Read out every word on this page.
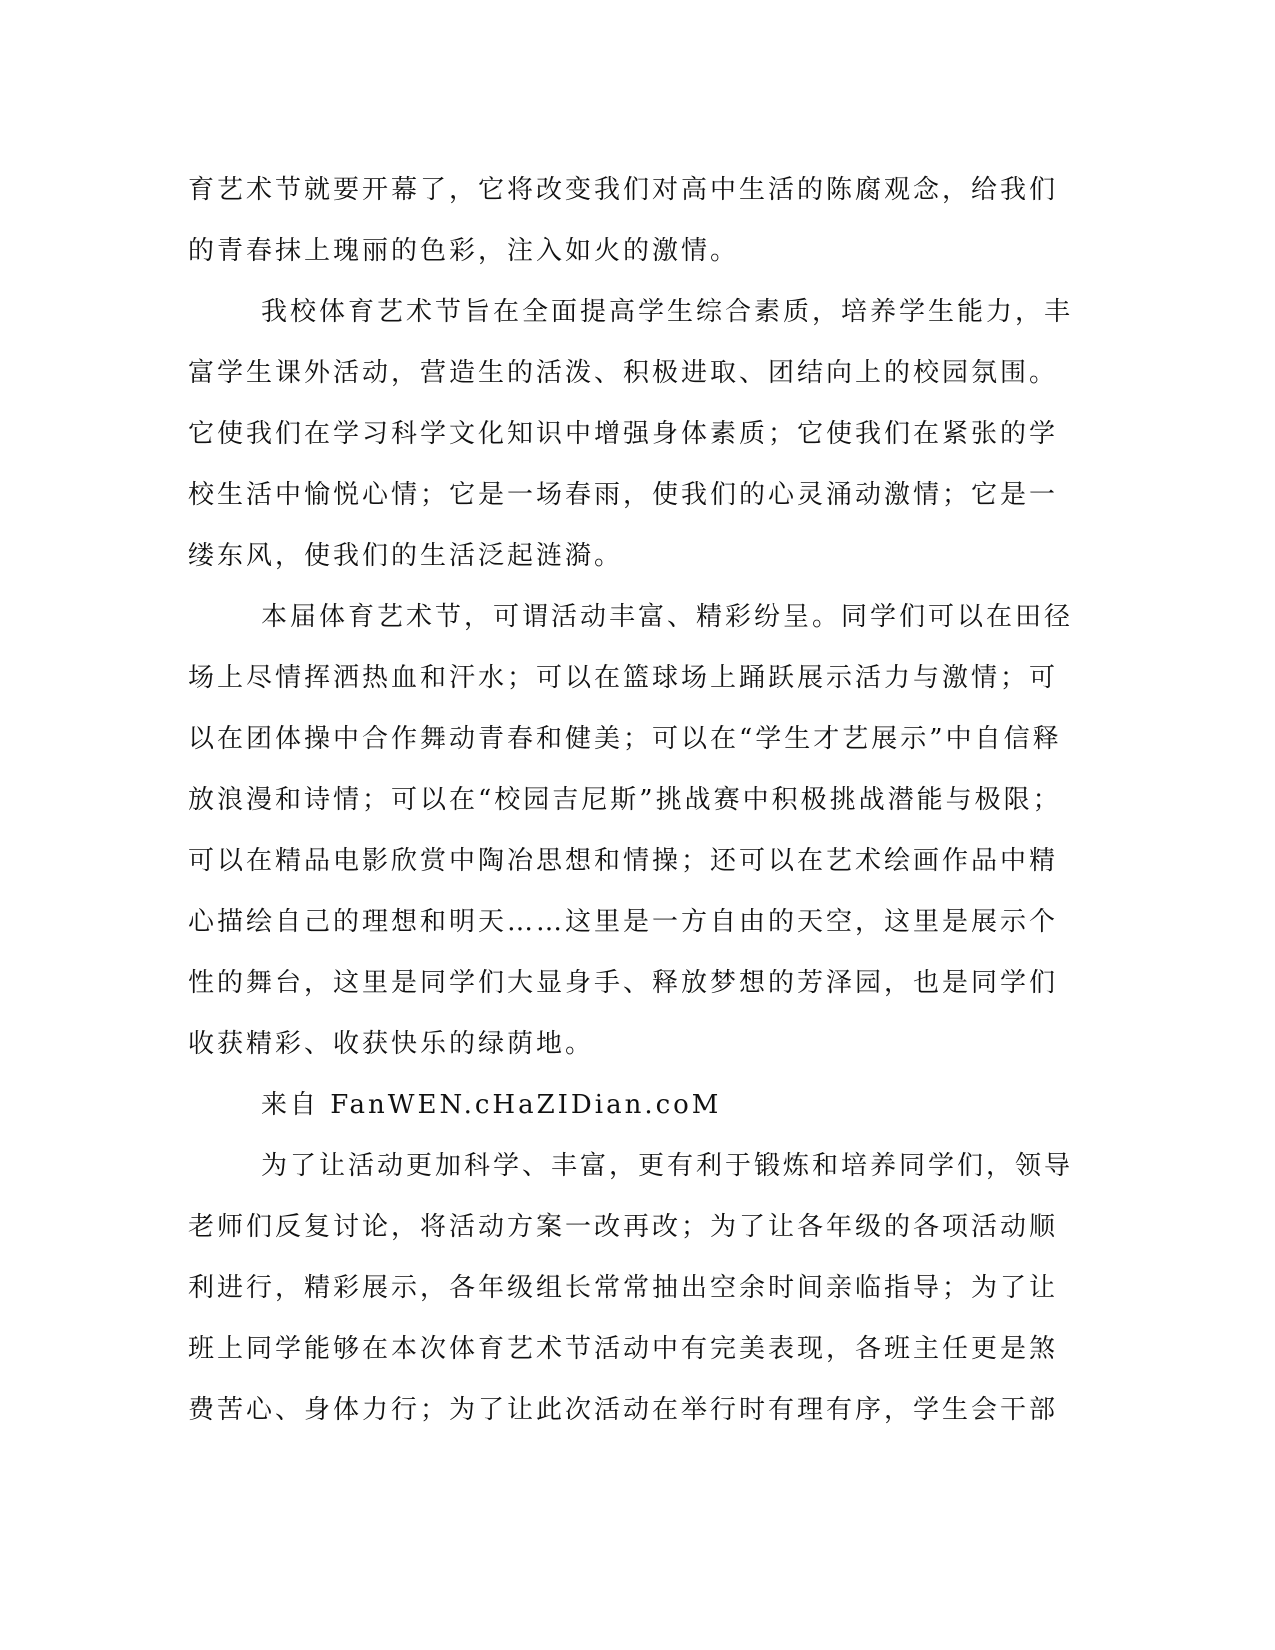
育艺术节就要开幕了，它将改变我们对高中生活的陈腐观念，给我们
的青春抹上瑰丽的色彩，注入如火的激情。
我校体育艺术节旨在全面提高学生综合素质，培养学生能力，丰
富学生课外活动，营造生的活泼、积极进取、团结向上的校园氛围。
它使我们在学习科学文化知识中增强身体素质；它使我们在紧张的学
校生活中愉悦心情；它是一场春雨，使我们的心灵涌动激情；它是一
缕东风，使我们的生活泛起涟漪。
本届体育艺术节，可谓活动丰富、精彩纷呈。同学们可以在田径
场上尽情挥洒热血和汗水；可以在篮球场上踊跃展示活力与激情；可
以在团体操中合作舞动青春和健美；可以在“学生才艺展示”中自信释
放浪漫和诗情；可以在“校园吉尼斯”挑战赛中积极挑战潜能与极限；
可以在精品电影欣赏中陶冶思想和情操；还可以在艺术绘画作品中精
心描绘自己的理想和明天……这里是一方自由的天空，这里是展示个
性的舞台，这里是同学们大显身手、释放梦想的芳泽园，也是同学们
收获精彩、收获快乐的绿荫地。
来自 FanWEN.cHaZIDian.coM
为了让活动更加科学、丰富，更有利于锻炼和培养同学们，领导
老师们反复讨论，将活动方案一改再改；为了让各年级的各项活动顺
利进行，精彩展示，各年级组长常常抽出空余时间亲临指导；为了让
班上同学能够在本次体育艺术节活动中有完美表现，各班主任更是煞
费苦心、身体力行；为了让此次活动在举行时有理有序，学生会干部
